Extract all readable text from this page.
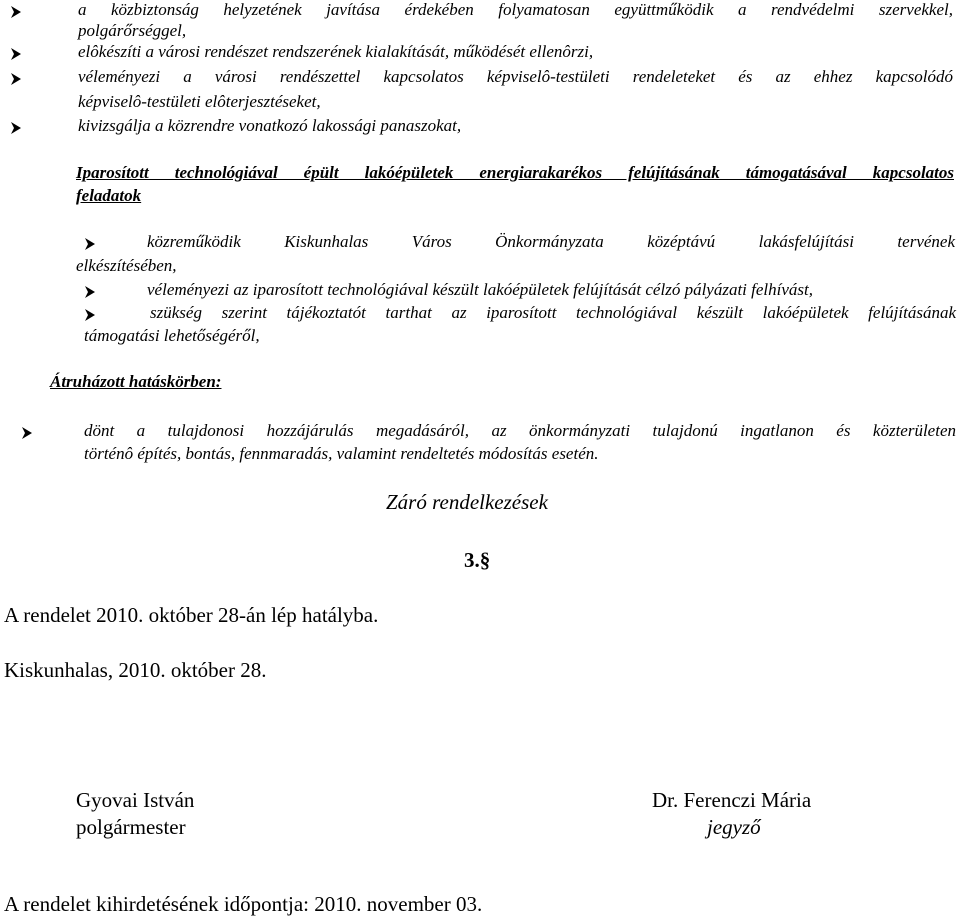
a közbiztonság helyzetének javítása érdekében folyamatosan együttműködik a rendvédelmi szervekkel,
polgárőrséggel,
elôkészíti a városi rendészet rendszerének kialakítását, működését ellenôrzi,
véleményezi a városi rendészettel kapcsolatos képviselô-testületi rendeleteket és az ehhez kapcsolódó
képviselô-testületi elôterjesztéseket,
kivizsgálja a közrendre vonatkozó lakossági panaszokat,
Iparosított technológiával épült lakóépületek energiarakarékos felújításának támogatásával kapcsolatos
feladatok
közreműködik Kiskunhalas Város Önkormányzata középtávú lakásfelújítási tervének
elkészítésében,
véleményezi az iparosított technológiával készült lakóépületek felújítását célzó pályázati felhívást,
szükség szerint tájékoztatót tarthat az iparosított technológiával készült lakóépületek felújításának
támogatási lehetőségéről,
Átruházott hatáskörben:
dönt a tulajdonosi hozzájárulás megadásáról, az önkormányzati tulajdonú ingatlanon és közterületen
történô építés, bontás, fennmaradás, valamint rendeltetés módosítás esetén.
Záró rendelkezések
3.§
A rendelet 2010. október 28-án lép hatályba.
Kiskunhalas, 2010. október 28.
Gyovai István
polgármester
Dr. Ferenczi Mária
jegyző
A rendelet kihirdetésének időpontja: 2010. november 03.
